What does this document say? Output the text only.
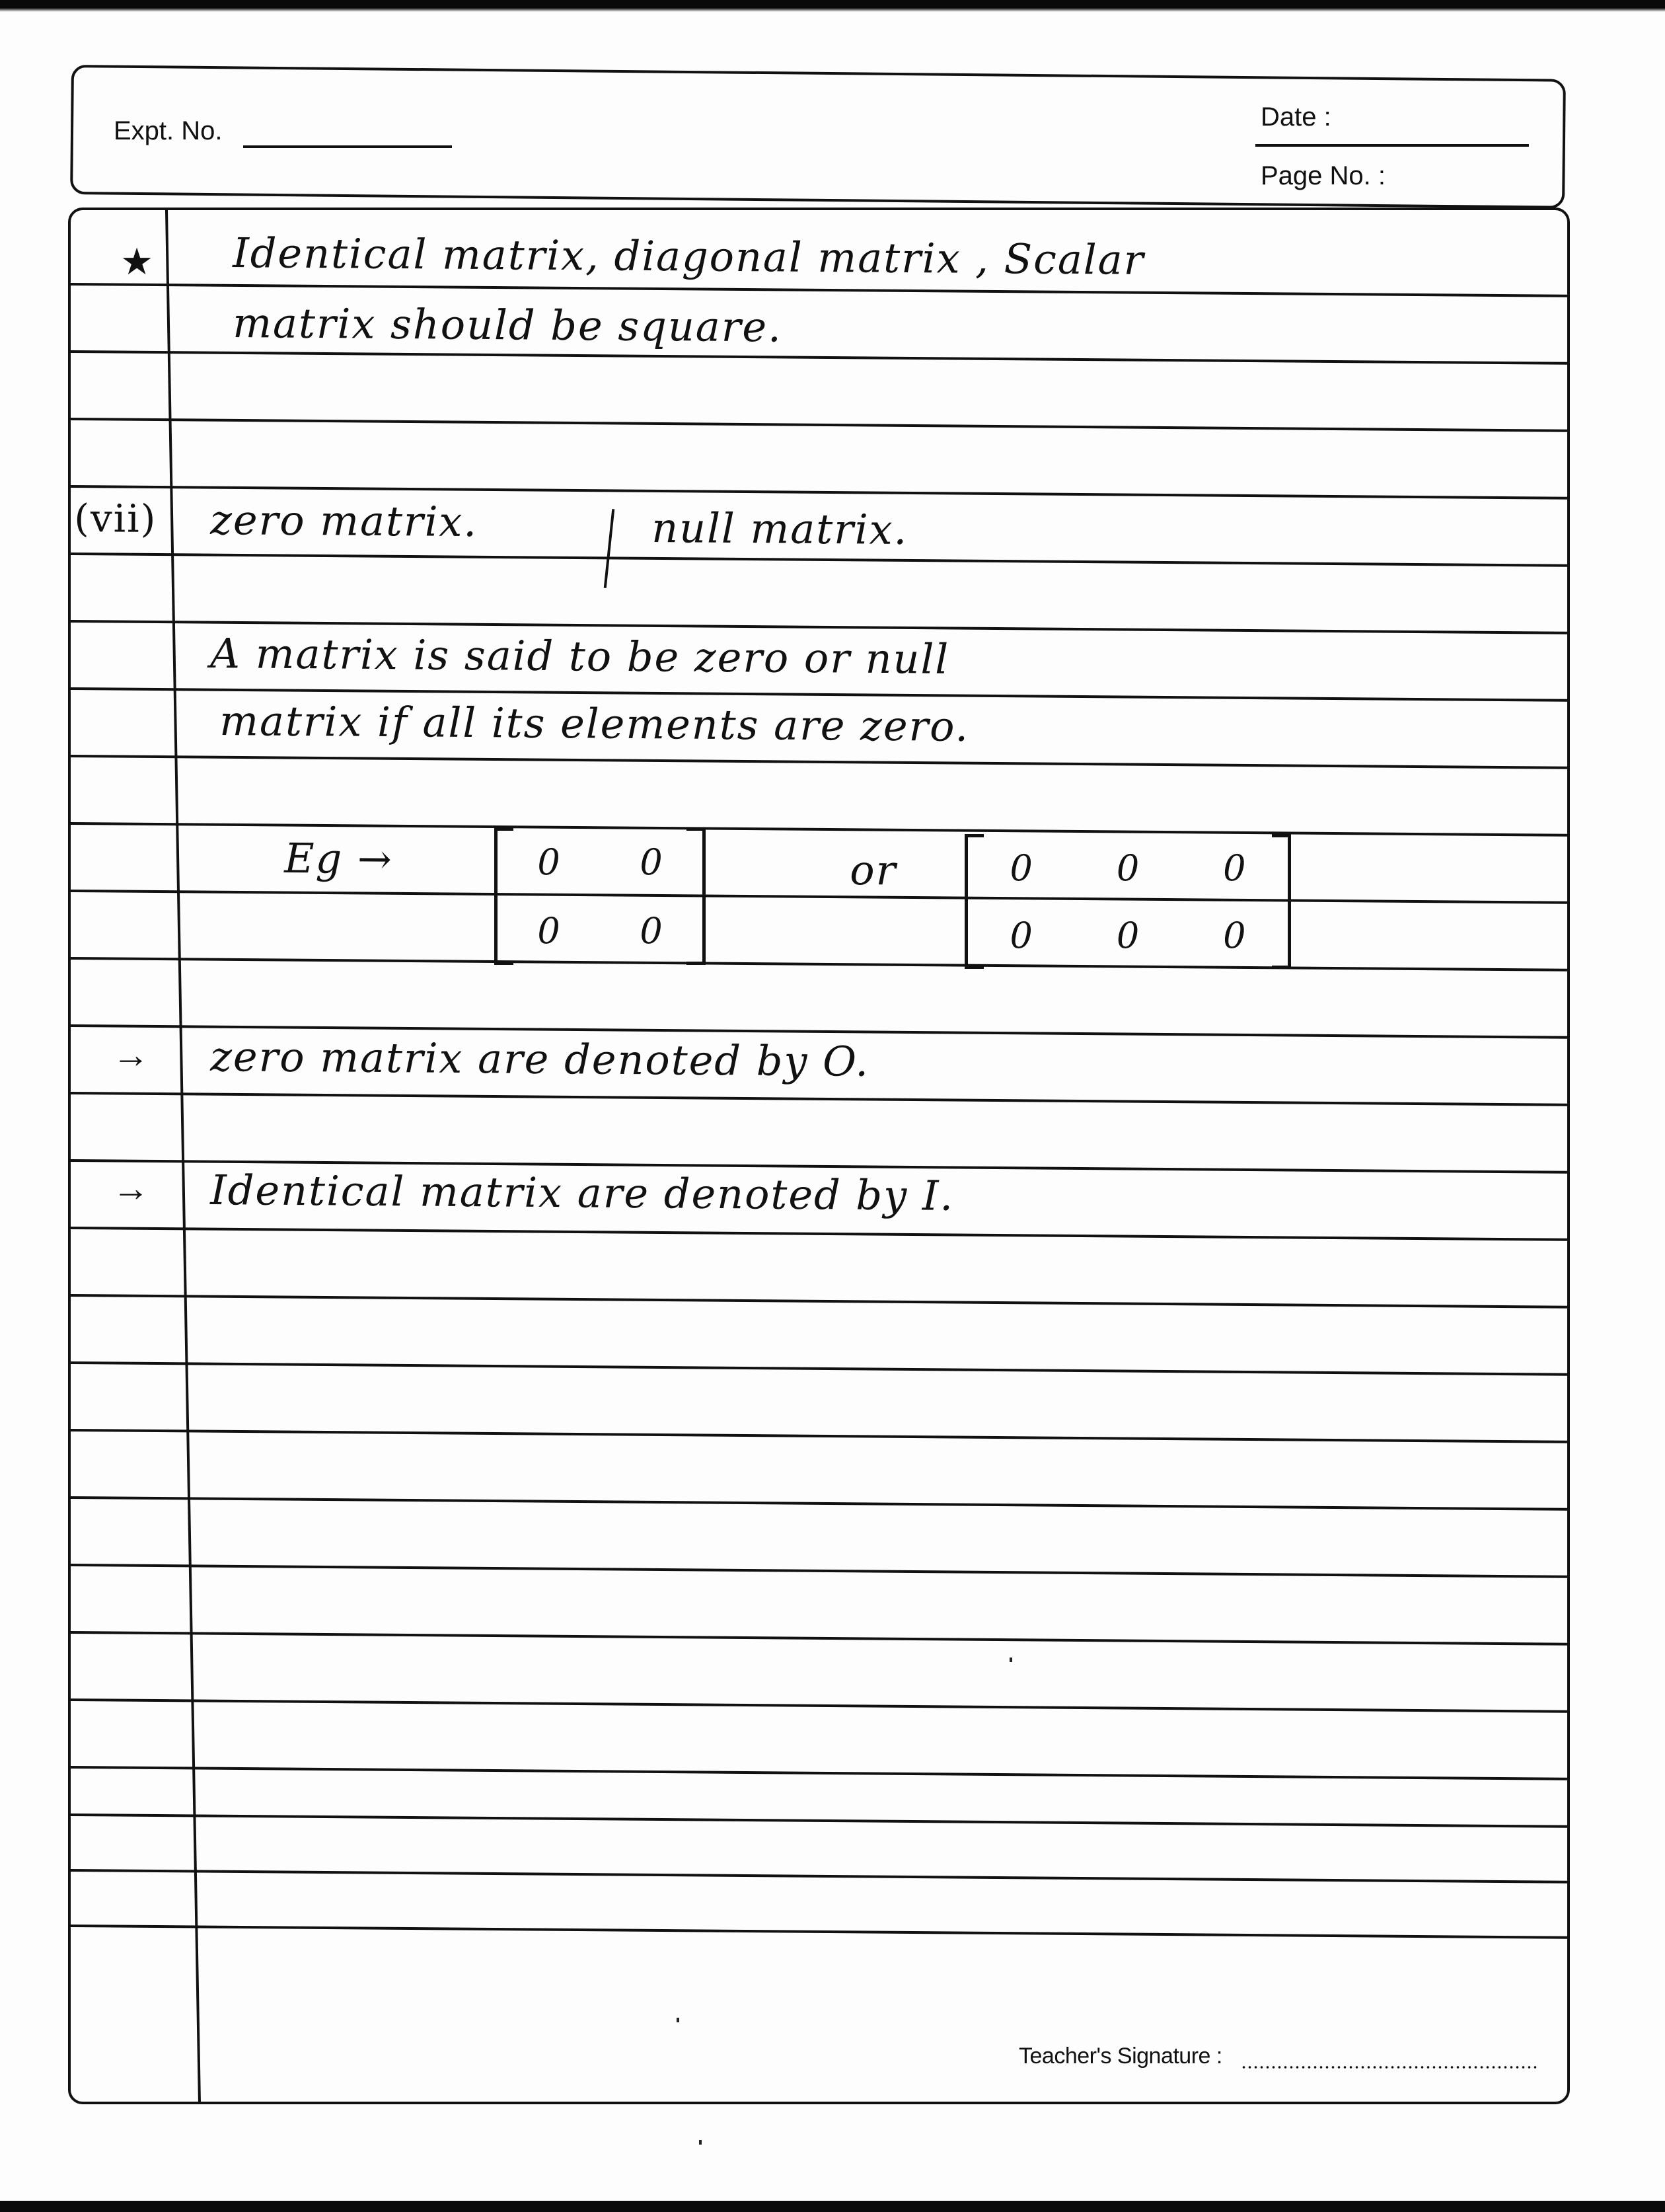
Expt. No.	Date :
Page No. :
★ Identical matrix, diagonal matrix , Scalar
matrix should be square.
(vii) zero matrix.	null matrix.
A matrix is said to be zero or null
matrix if all its elements are zero.
Eg →	0 0
0 0
or	0 0 0
0 0 0
→ zero matrix are denoted by O.
→ Identical matrix are denoted by I.
Teacher's Signature :
